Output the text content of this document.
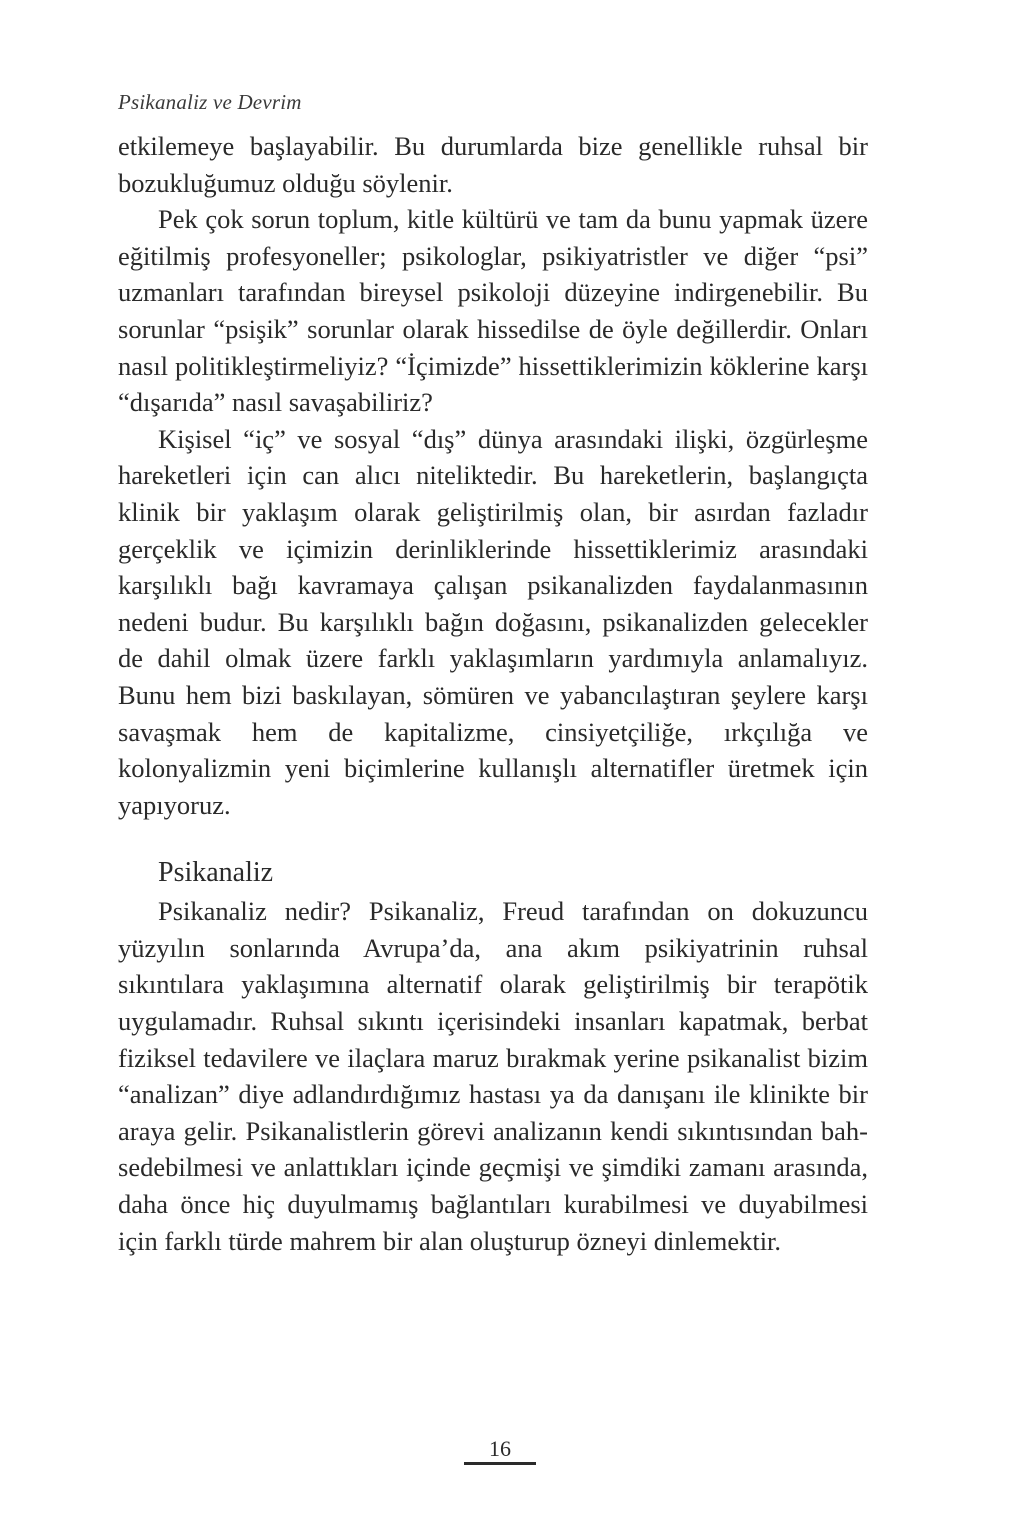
Psikanaliz ve Devrim

etkilemeye başlayabilir. Bu durumlarda bize genellikle ruhsal bir bozukluğumuz olduğu söylenir.

Pek çok sorun toplum, kitle kültürü ve tam da bunu yapmak üzere eğitilmiş profesyoneller; psikologlar, psikiyatristler ve diğer “psi” uzmanları tarafından bireysel psikoloji düzeyine indirgenebilir. Bu sorunlar “psişik” sorunlar olarak hissedilse de öyle değillerdir. Onları nasıl politikleştirmeliyiz? “İçimizde” hissettiklerimizin köklerine karşı “dışarıda” nasıl savaşabiliriz?

Kişisel “iç” ve sosyal “dış” dünya arasındaki ilişki, özgürleşme hareketleri için can alıcı niteliktedir. Bu hareketlerin, başlangıçta klinik bir yaklaşım olarak geliştirilmiş olan, bir asırdan fazladır gerçeklik ve içimizin derinliklerinde hissettiklerimiz arasındaki karşılıklı bağı kavramaya çalışan psikanalizden faydalanmasının nedeni budur. Bu karşılıklı bağın doğasını, psikanalizden gelecekler de dahil olmak üzere farklı yaklaşımların yardımıyla anlamalıyız. Bunu hem bizi baskılayan, sömüren ve yabancılaştıran şeylere karşı savaşmak hem de kapitalizme, cinsiyetçiliğe, ırkçılığa ve kolonyalizmin yeni biçimlerine kullanışlı alternatifler üretmek için yapıyoruz.

Psikanaliz

Psikanaliz nedir? Psikanaliz, Freud tarafından on dokuzuncu yüzyılın sonlarında Avrupa’da, ana akım psikiyatrinin ruhsal sıkıntılara yaklaşımına alternatif olarak geliştirilmiş bir terapötik uygulamadır. Ruhsal sıkıntı içerisindeki insanları kapatmak, berbat fiziksel tedavilere ve ilaçlara maruz bırakmak yerine psikanalist bizim “analizan” diye adlandırdığımız hastası ya da danışanı ile klinikte bir araya gelir. Psikanalistlerin görevi analizanın kendi sıkıntısından bahsedebilmesi ve anlattıkları içinde geçmişi ve şimdiki zamanı arasında, daha önce hiç duyulmamış bağlantıları kurabilmesi ve duyabilmesi için farklı türde mahrem bir alan oluşturup özneyi dinlemektir.

16
